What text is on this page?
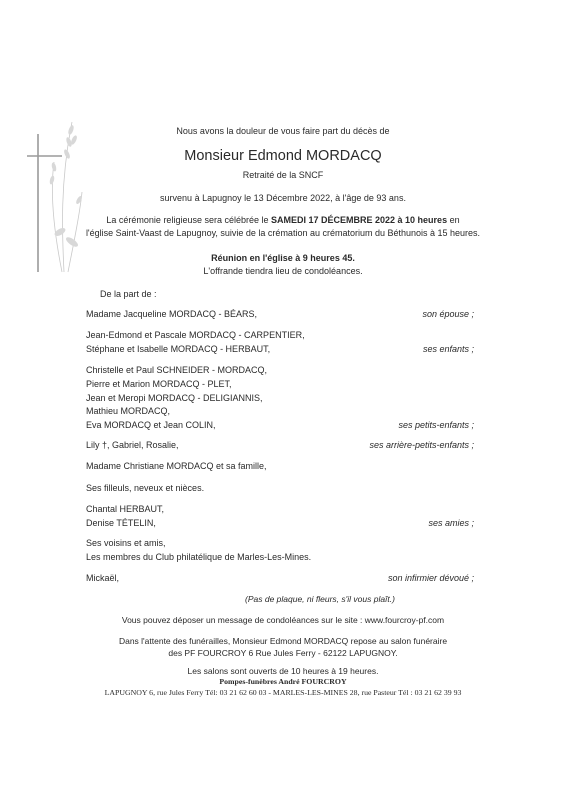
Nous avons la douleur de vous faire part du décès de
Monsieur Edmond MORDACQ
Retraité de la SNCF
survenu à Lapugnoy le 13 Décembre 2022, à l'âge de 93 ans.
La cérémonie religieuse sera célébrée le SAMEDI 17 DÉCEMBRE 2022 à 10 heures en
l'église Saint-Vaast de Lapugnoy, suivie de la crémation au crématorium du Béthunois à 15 heures.
Réunion en l'église à 9 heures 45.
L'offrande tiendra lieu de condoléances.
De la part de :
Madame Jacqueline MORDACQ - BÉARS,	son épouse ;
Jean-Edmond et Pascale MORDACQ - CARPENTIER,
Stéphane et Isabelle MORDACQ - HERBAUT,	ses enfants ;
Christelle et Paul SCHNEIDER - MORDACQ,
Pierre et Marion MORDACQ - PLET,
Jean et Meropi MORDACQ - DELIGIANNIS,
Mathieu MORDACQ,
Eva MORDACQ et Jean COLIN,	ses petits-enfants ;
Lily †, Gabriel, Rosalie,	ses arrière-petits-enfants ;
Madame Christiane MORDACQ et sa famille,
Ses filleuls, neveux et nièces.
Chantal HERBAUT,
Denise TÉTELIN,	ses amies ;
Ses voisins et amis,
Les membres du Club philatélique de Marles-Les-Mines.
Mickaël,	son infirmier dévoué ;
(Pas de plaque, ni fleurs, s'il vous plaît.)
Vous pouvez déposer un message de condoléances sur le site : www.fourcroy-pf.com
Dans l'attente des funérailles, Monsieur Edmond MORDACQ repose au salon funéraire
des PF FOURCROY 6 Rue Jules Ferry - 62122 LAPUGNOY.
Les salons sont ouverts de 10 heures à 19 heures.
Pompes-funèbres André FOURCROY
LAPUGNOY 6, rue Jules Ferry Tél: 03 21 62 60 03 - MARLES-LES-MINES 28, rue Pasteur Tél : 03 21 62 39 93
